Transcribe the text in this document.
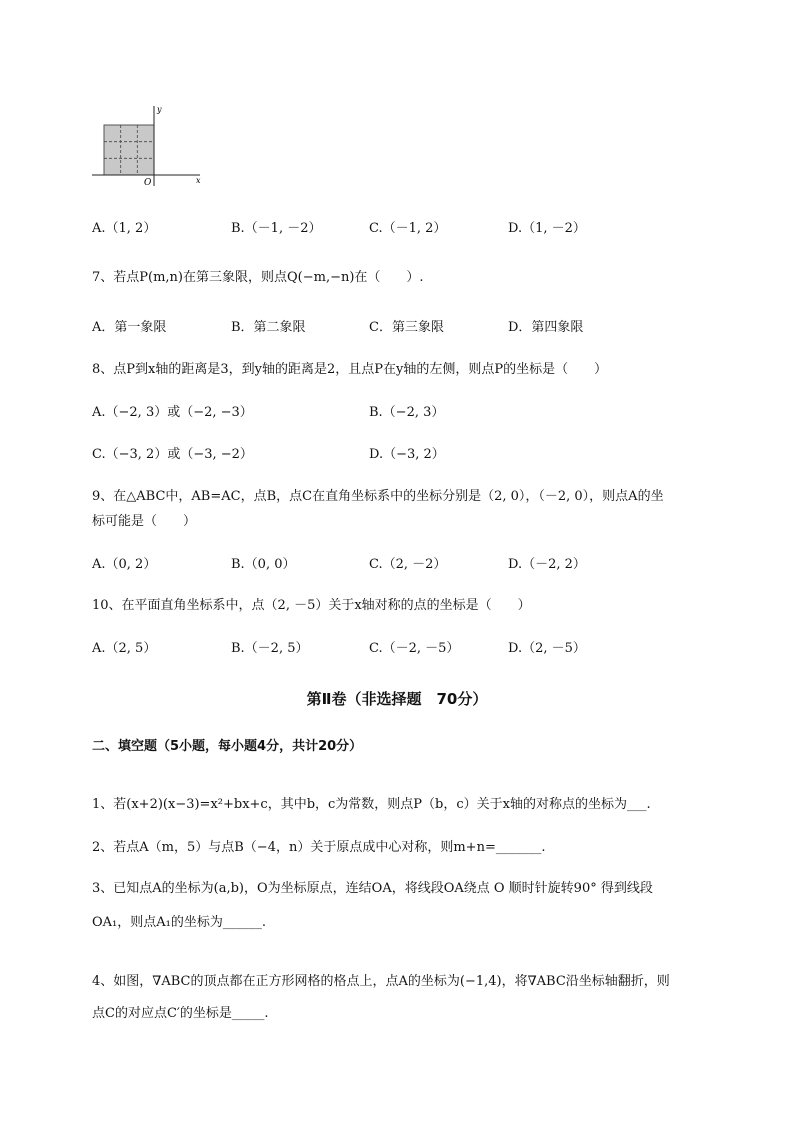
y
x
O
A.（1, 2）	B.（－1, －2）	C.（－1, 2）	D.（1, －2）
7、若点P(m,n)在第三象限，则点Q(−m,−n)在（　　）.
A．第一象限	B．第二象限	C．第三象限	D．第四象限
8、点P到x轴的距离是3，到y轴的距离是2，且点P在y轴的左侧，则点P的坐标是（　　）
A.（−2, 3）或（−2, −3）	B.（−2, 3）
C.（−3, 2）或（−3, −2）	D.（−3, 2）
9、在△ABC中，AB=AC，点B，点C在直角坐标系中的坐标分别是（2, 0），（－2, 0），则点A的坐
标可能是（　　）
A.（0, 2）	B.（0, 0）	C.（2, －2）	D.（－2, 2）
10、在平面直角坐标系中，点（2, －5）关于x轴对称的点的坐标是（　　）
A.（2, 5）	B.（－2, 5）	C.（－2, －5）	D.（2, －5）
第Ⅱ卷（非选择题　70分）
二、填空题（5小题，每小题4分，共计20分）
1、若(x+2)(x−3)=x²+bx+c，其中b，c为常数，则点P（b，c）关于x轴的对称点的坐标为___.
2、若点A（m，5）与点B（−4，n）关于原点成中心对称，则m+n=_______.
3、已知点A的坐标为(a,b)，O为坐标原点，连结OA，将线段OA绕点 O 顺时针旋转90° 得到线段
OA₁，则点A₁的坐标为______.
4、如图，∇ABC的顶点都在正方形网格的格点上，点A的坐标为(−1,4)，将∇ABC沿坐标轴翻折，则
点C的对应点C′的坐标是_____.
